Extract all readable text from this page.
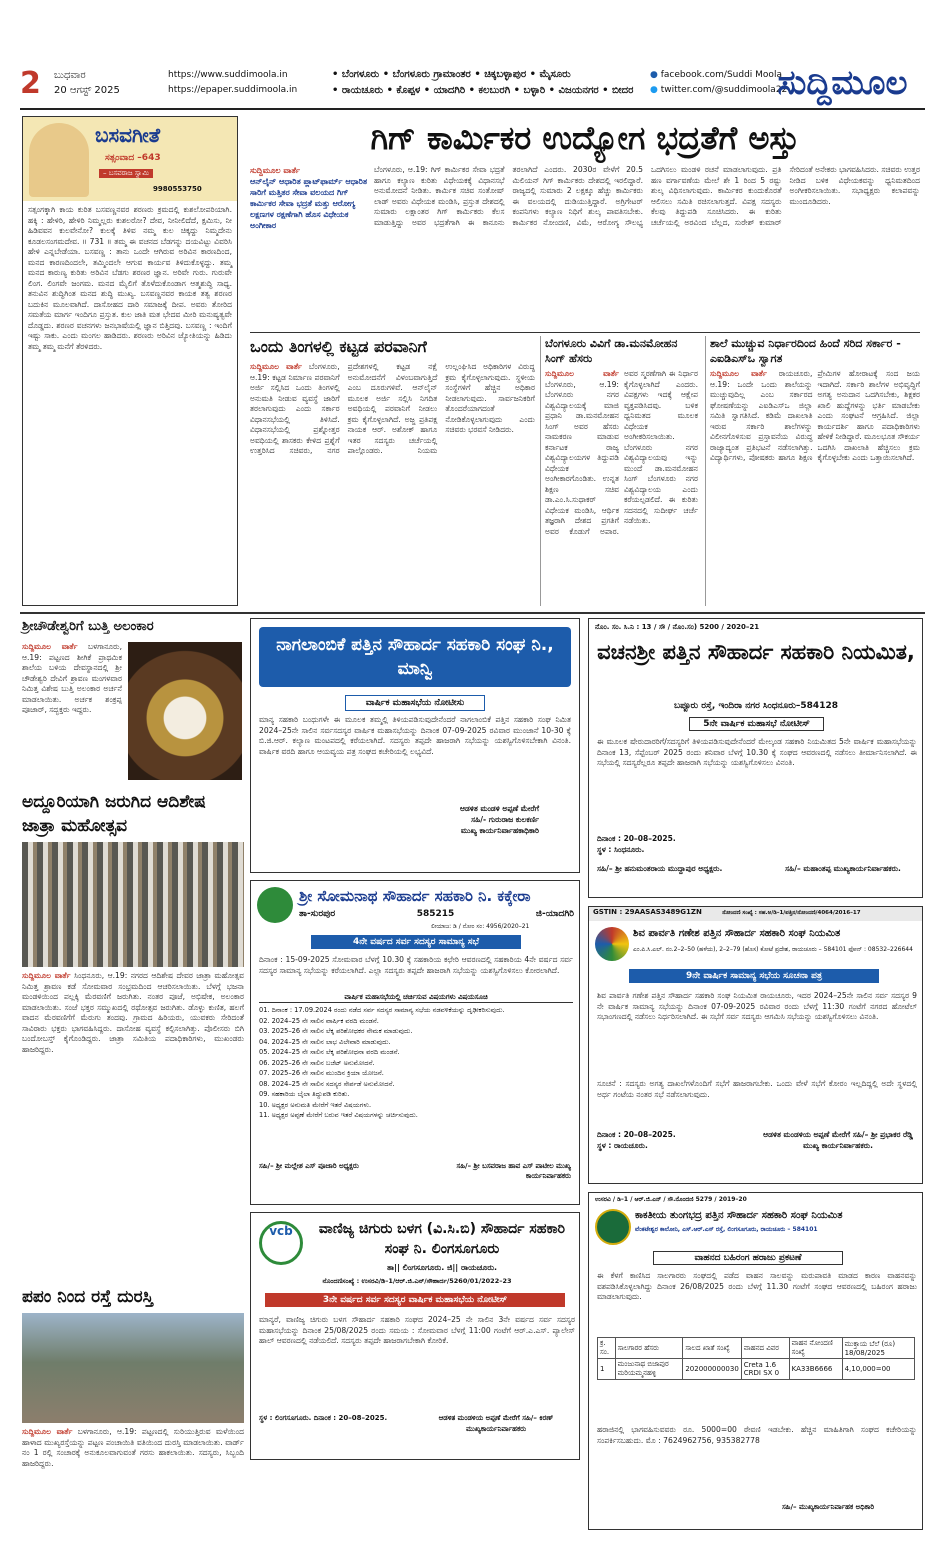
2 ಬುಧವಾರ
20 ಆಗಸ್ಟ್ 2025
https://www.suddimoola.in
https://epaper.suddimoola.in
• ಬೆಂಗಳೂರು • ಬೆಂಗಳೂರು ಗ್ರಾಮಾಂತರ • ಚಿಕ್ಕಬಳ್ಳಾಪುರ • ಮೈಸೂರು
• ರಾಯಚೂರು • ಕೊಪ್ಪಳ • ಯಾದಗಿರಿ • ಕಲಬುರಗಿ • ಬಳ್ಳಾರಿ • ವಿಜಯನಗರ • ಬೀದರ
● facebook.com/Suddi Moola
● twitter.com/@suddimoola22
ಸುದ್ದಿಮೂಲ
ಬಸವಗೀತೆ
ಸತ್ಸಂವಾದ –643
– ಬಸವರಾಜ ಸ್ವಾಮಿ
9980553750
ಸತ್ಸಂಗಕ್ಕಾಗಿ ಕಾಯ ಕುರಿತ ಬಸವಣ್ಣನವರ ಶರಣರು ಕ್ರಮದಲ್ಲಿ ಕುಶಲೋಪರಿಯಾಗಿ. ಹಕ್ಕಿ : ಹೇಳಿರಿ, ಹೇಳಿರಿ ನಿಮ್ಮಲ್ಲರು ಕುಶಲರೋ? ದೇವ, ನೀನೀಲಿದೆದೆ, ಕ್ಷಮಿಸು, ನೀ ಹಿಡಿವವನ ಕುಲವೇನೋ? ಕುಲಕ್ಕೆ ತಿಳಿವ ನಮ್ಮ ಕುಲ ಚಿಕ್ಕದ್ದು ನಿಮ್ಮದೇನು ಕೂಡಲಸಂಗಮದೇವ. ॥ 731 ॥ ತಮ್ಮ ಈ ವಚನದ ಬೆಡಗನ್ನು ದಯವಿಟ್ಟು ವಿವರಿಸಿ ಹೇಳಿ ಎನ್ನಬೇಡೆಯಾ. ಬಸವಣ್ಣ : ತಾನು ಒಂದೇ ಆಗಿರುವ ಅರಿವಿನ ಕಾರಣದಿಂದ, ಮನದ ಕಾರಣದಿಂದಲೇ, ತಮ್ಮಿಂದಲೇ ಆಗುವ ಕಾರ್ಯವ ತಿಳಿದುಕೊಳ್ಳದ್ದು. ತಮ್ಮ ಮನದ ಕಾರುಣ್ಯ ಕುರಿತು ಅರಿವಿನ ಬೆಡಗು ಶರಣರ ಜ್ಞಾನ. ಅರಿವೇ ಗುರು. ಗುರುವೇ ಲಿಂಗ. ಲಿಂಗವೇ ಜಂಗಮ. ಮನದ ಮೈಲಿಗೆ ತೊಳೆದುಕೊಂಡಾಗ ಆತ್ಮಶುದ್ಧಿ ಸಾಧ್ಯ. ತನುವಿನ ಶುದ್ಧಿಗಿಂತ ಮನದ ಶುದ್ಧಿ ಮುಖ್ಯ. ಬಸವಣ್ಣನವರ ಕಾಯಕ ತತ್ವ ಶರಣರ ಬದುಕಿನ ಮೂಲವಾಗಿದೆ. ದಾಸೋಹದ ದಾರಿ ಸಮಾಜಕ್ಕೆ ದೀಪ. ಅವರು ತೋರಿದ ಸಮತೆಯ ಮಾರ್ಗ ಇಂದಿಗೂ ಪ್ರಸ್ತುತ. ಕುಲ ಜಾತಿ ಮತ ಭೇದವ ಮೀರಿ ಮನುಷ್ಯತ್ವವೇ ದೊಡ್ಡದು. ಶರಣರ ವಚನಗಳು ಜನಭಾಷೆಯಲ್ಲಿ ಜ್ಞಾನ ಬಿತ್ತಿದವು. ಬಸವಣ್ಣ : ಇಂದಿಗೆ ಇಷ್ಟು ಸಾಕು. ಎಂದು ಮಂಗಲ ಹಾಡಿದರು. ಶರಣರು ಅರಿವಿನ ಜ್ಯೋತಿಯನ್ನು ಹಿಡಿದು ತಮ್ಮ ತಮ್ಮ ಮನೆಗೆ ತೆರಳಿದರು.
ಗಿಗ್ ಕಾರ್ಮಿಕರ ಉದ್ಯೋಗ ಭದ್ರತೆಗೆ ಅಸ್ತು
ಸುದ್ದಿಮೂಲ ವಾರ್ತೆ
ಆನ್‌ಲೈನ್ ಆಧಾರಿತ ಪ್ಲಾಟ್‌ಫಾರ್ಮ್ ಆಧಾರಿತ ಸಾರಿಗೆ ಮತ್ತಿತರ ಸೇವಾ ವಲಯದ ಗಿಗ್ ಕಾರ್ಮಿಕರ ಸೇವಾ ಭದ್ರತೆ ಮತ್ತು ಆರೋಗ್ಯ ಲಕ್ಷಣಗಳ ರಕ್ಷಣೆಗಾಗಿ ಹೊಸ ವಿಧೇಯಕ ಅಂಗೀಕಾರ
ಬೆಂಗಳೂರು, ಆ.19: ಗಿಗ್ ಕಾರ್ಮಿಕರ ಸೇವಾ ಭದ್ರತೆ ಹಾಗೂ ಕಲ್ಯಾಣ ಕುರಿತು ವಿಧೇಯಕಕ್ಕೆ ವಿಧಾನಸಭೆ ಅನುಮೋದನೆ ನೀಡಿತು. ಕಾರ್ಮಿಕ ಸಚಿವ ಸಂತೋಷ್ ಲಾಡ್ ಅವರು ವಿಧೇಯಕ ಮಂಡಿಸಿ, ಪ್ರಸ್ತುತ ದೇಶದಲ್ಲಿ ಸುಮಾರು ಲಕ್ಷಾಂತರ ಗಿಗ್ ಕಾರ್ಮಿಕರು ಕೆಲಸ ಮಾಡುತ್ತಿದ್ದು ಅವರ ಭದ್ರತೆಗಾಗಿ ಈ ಕಾನೂನು ತರಲಾಗಿದೆ ಎಂದರು. 2030ರ ವೇಳೆಗೆ 20.5 ಮಿಲಿಯನ್ ಗಿಗ್ ಕಾರ್ಮಿಕರು ದೇಶದಲ್ಲಿ ಇರಲಿದ್ದಾರೆ. ರಾಜ್ಯದಲ್ಲಿ ಸುಮಾರು 2 ಲಕ್ಷಕ್ಕೂ ಹೆಚ್ಚು ಕಾರ್ಮಿಕರು ಈ ವಲಯದಲ್ಲಿ ದುಡಿಯುತ್ತಿದ್ದಾರೆ. ಅಗ್ರಿಗೇಟರ್ ಕಂಪನಿಗಳು ಕಲ್ಯಾಣ ನಿಧಿಗೆ ಶುಲ್ಕ ಪಾವತಿಸಬೇಕು. ಕಾರ್ಮಿಕರ ನೋಂದಣಿ, ವಿಮೆ, ಆರೋಗ್ಯ ಸೌಲಭ್ಯ ಒದಗಿಸಲು ಮಂಡಳಿ ರಚನೆ ಮಾಡಲಾಗುವುದು. ಪ್ರತಿ ಹಣ ವರ್ಗಾವಣೆಯ ಮೇಲೆ ಶೇ 1 ರಿಂದ 5 ರಷ್ಟು ಶುಲ್ಕ ವಿಧಿಸಲಾಗುವುದು. ಕಾರ್ಮಿಕರ ಕುಂದುಕೊರತೆ ಆಲಿಸಲು ಸಮಿತಿ ರಚಿಸಲಾಗುತ್ತದೆ. ವಿಪಕ್ಷ ಸದಸ್ಯರು ಕೆಲವು ತಿದ್ದುಪಡಿ ಸೂಚಿಸಿದರು. ಈ ಕುರಿತು ಚರ್ಚೆಯಲ್ಲಿ ಅರವಿಂದ ಬೆಲ್ಲದ, ಸುರೇಶ್ ಕುಮಾರ್ ಸೇರಿದಂತೆ ಅನೇಕರು ಭಾಗವಹಿಸಿದರು. ಸಚಿವರು ಉತ್ತರ ನೀಡಿದ ಬಳಿಕ ವಿಧೇಯಕವನ್ನು ಧ್ವನಿಮತದಿಂದ ಅಂಗೀಕರಿಸಲಾಯಿತು. ಸಭಾಧ್ಯಕ್ಷರು ಕಲಾಪವನ್ನು ಮುಂದೂಡಿದರು.
ಒಂದು ತಿಂಗಳಲ್ಲಿ ಕಟ್ಟಡ ಪರವಾನಿಗೆ
ಸುದ್ದಿಮೂಲ ವಾರ್ತೆ ಬೆಂಗಳೂರು, ಆ.19: ಕಟ್ಟಡ ನಿರ್ಮಾಣ ಪರವಾನಿಗೆ ಅರ್ಜಿ ಸಲ್ಲಿಸಿದ ಒಂದು ತಿಂಗಳಲ್ಲಿ ಅನುಮತಿ ನೀಡುವ ವ್ಯವಸ್ಥೆ ಜಾರಿಗೆ ತರಲಾಗುವುದು ಎಂದು ಸರ್ಕಾರ ವಿಧಾನಸಭೆಯಲ್ಲಿ ತಿಳಿಸಿದೆ. ವಿಧಾನಸಭೆಯಲ್ಲಿ ಪ್ರಶ್ನೋತ್ತರ ಅವಧಿಯಲ್ಲಿ ಶಾಸಕರು ಕೇಳಿದ ಪ್ರಶ್ನೆಗೆ ಉತ್ತರಿಸಿದ ಸಚಿವರು, ನಗರ ಪ್ರದೇಶಗಳಲ್ಲಿ ಕಟ್ಟಡ ನಕ್ಷೆ ಅನುಮೋದನೆಗೆ ವಿಳಂಬವಾಗುತ್ತಿದೆ ಎಂಬ ದೂರುಗಳಿವೆ. ಆನ್‌ಲೈನ್ ಮೂಲಕ ಅರ್ಜಿ ಸಲ್ಲಿಸಿ ನಿಗದಿತ ಅವಧಿಯಲ್ಲಿ ಪರವಾನಿಗೆ ನೀಡಲು ಕ್ರಮ ಕೈಗೊಳ್ಳಲಾಗಿದೆ. ಅಜ್ಜ ಪ್ರತಿಪಕ್ಷ ನಾಯಕ ಆರ್. ಅಶೋಕ್ ಹಾಗೂ ಇತರ ಸದಸ್ಯರು ಚರ್ಚೆಯಲ್ಲಿ ಪಾಲ್ಗೊಂಡರು. ನಿಯಮ ಉಲ್ಲಂಘಿಸಿದ ಅಧಿಕಾರಿಗಳ ವಿರುದ್ಧ ಕ್ರಮ ಕೈಗೊಳ್ಳಲಾಗುವುದು. ಸ್ಥಳೀಯ ಸಂಸ್ಥೆಗಳಿಗೆ ಹೆಚ್ಚಿನ ಅಧಿಕಾರ ನೀಡಲಾಗುವುದು. ಸಾರ್ವಜನಿಕರಿಗೆ ತೊಂದರೆಯಾಗದಂತೆ ನೋಡಿಕೊಳ್ಳಲಾಗುವುದು ಎಂದು ಸಚಿವರು ಭರವಸೆ ನೀಡಿದರು.
ಬೆಂಗಳೂರು ವಿವಿಗೆ ಡಾ.ಮನಮೋಹನ ಸಿಂಗ್ ಹೆಸರು
ಸುದ್ದಿಮೂಲ ವಾರ್ತೆ ಬೆಂಗಳೂರು, ಆ.19: ಬೆಂಗಳೂರು ನಗರ ವಿಶ್ವವಿದ್ಯಾಲಯಕ್ಕೆ ಮಾಜಿ ಪ್ರಧಾನಿ ಡಾ.ಮನಮೋಹನ ಸಿಂಗ್ ಅವರ ಹೆಸರು ನಾಮಕರಣ ಮಾಡುವ ಕರ್ನಾಟಕ ರಾಜ್ಯ ವಿಶ್ವವಿದ್ಯಾಲಯಗಳ ತಿದ್ದುಪಡಿ ವಿಧೇಯಕ ಅಂಗೀಕಾರಗೊಂಡಿತು. ಉನ್ನತ ಶಿಕ್ಷಣ ಸಚಿವ ಡಾ.ಎಂ.ಸಿ.ಸುಧಾಕರ್ ವಿಧೇಯಕ ಮಂಡಿಸಿ, ಆರ್ಥಿಕ ತಜ್ಞರಾಗಿ ದೇಶದ ಪ್ರಗತಿಗೆ ಅವರ ಕೊಡುಗೆ ಅಪಾರ. ಅವರ ಸ್ಮರಣೆಗಾಗಿ ಈ ನಿರ್ಧಾರ ಕೈಗೊಳ್ಳಲಾಗಿದೆ ಎಂದರು. ವಿಪಕ್ಷಗಳು ಇದಕ್ಕೆ ಆಕ್ಷೇಪ ವ್ಯಕ್ತಪಡಿಸಿದವು. ಬಳಿಕ ಧ್ವನಿಮತದ ಮೂಲಕ ವಿಧೇಯಕ ಅಂಗೀಕರಿಸಲಾಯಿತು. ಬೆಂಗಳೂರು ನಗರ ವಿಶ್ವವಿದ್ಯಾಲಯವು ಇನ್ನು ಮುಂದೆ ಡಾ.ಮನಮೋಹನ ಸಿಂಗ್ ಬೆಂಗಳೂರು ನಗರ ವಿಶ್ವವಿದ್ಯಾಲಯ ಎಂದು ಕರೆಯಲ್ಪಡಲಿದೆ. ಈ ಕುರಿತು ಸದನದಲ್ಲಿ ಸುದೀರ್ಘ ಚರ್ಚೆ ನಡೆಯಿತು.
ಶಾಲೆ ಮುಚ್ಚುವ ನಿರ್ಧಾರದಿಂದ ಹಿಂದೆ ಸರಿದ ಸರ್ಕಾರ - ಎಐಡಿಎಸ್‌ಒ ಸ್ವಾಗತ
ಸುದ್ದಿಮೂಲ ವಾರ್ತೆ ರಾಯಚೂರು, ಆ.19: ಒಂದೇ ಒಂದು ಶಾಲೆಯನ್ನು ಮುಚ್ಚುವುದಿಲ್ಲ ಎಂಬ ಸರ್ಕಾರದ ಘೋಷಣೆಯನ್ನು ಎಐಡಿಎಸ್‌ಒ ಜಿಲ್ಲಾ ಸಮಿತಿ ಸ್ವಾಗತಿಸಿದೆ. ಕಡಿಮೆ ದಾಖಲಾತಿ ಇರುವ ಸರ್ಕಾರಿ ಶಾಲೆಗಳನ್ನು ವಿಲೀನಗೊಳಿಸುವ ಪ್ರಸ್ತಾವನೆಯ ವಿರುದ್ಧ ರಾಜ್ಯಾದ್ಯಂತ ಪ್ರತಿಭಟನೆ ನಡೆಸಲಾಗಿತ್ತು. ವಿದ್ಯಾರ್ಥಿಗಳು, ಪೋಷಕರು ಹಾಗೂ ಶಿಕ್ಷಣ ಪ್ರೇಮಿಗಳ ಹೋರಾಟಕ್ಕೆ ಸಂದ ಜಯ ಇದಾಗಿದೆ. ಸರ್ಕಾರಿ ಶಾಲೆಗಳ ಅಭಿವೃದ್ಧಿಗೆ ಅಗತ್ಯ ಅನುದಾನ ಒದಗಿಸಬೇಕು, ಶಿಕ್ಷಕರ ಖಾಲಿ ಹುದ್ದೆಗಳನ್ನು ಭರ್ತಿ ಮಾಡಬೇಕು ಎಂದು ಸಂಘಟನೆ ಆಗ್ರಹಿಸಿದೆ. ಜಿಲ್ಲಾ ಕಾರ್ಯದರ್ಶಿ ಹಾಗೂ ಪದಾಧಿಕಾರಿಗಳು ಹೇಳಿಕೆ ನೀಡಿದ್ದಾರೆ. ಮೂಲಭೂತ ಸೌಕರ್ಯ ಒದಗಿಸಿ ದಾಖಲಾತಿ ಹೆಚ್ಚಿಸಲು ಕ್ರಮ ಕೈಗೊಳ್ಳಬೇಕು ಎಂದು ಒತ್ತಾಯಿಸಲಾಗಿದೆ.
ಶ್ರೀಚೌಡೇಶ್ವರಿಗೆ ಬುತ್ತಿ ಅಲಂಕಾರ
ಸುದ್ದಿಮೂಲ ವಾರ್ತೆ ಬಳಗಾನೂರು, ಆ.19: ಪಟ್ಟಣದ ಶೀಗಿಕೆ ಪ್ರಾಥಮಿಕ ಶಾಲೆಯ ಬಳಿಯ ದೇವಸ್ಥಾನದಲ್ಲಿ ಶ್ರೀ ಚೌಡೇಶ್ವರಿ ದೇವಿಗೆ ಶ್ರಾವಣ ಮಂಗಳವಾರ ನಿಮಿತ್ತ ವಿಶೇಷ ಬುತ್ತಿ ಅಲಂಕಾರ ಅರ್ಚನೆ ಮಾಡಲಾಯಿತು. ಅರ್ಚಕ ಶಂಕ್ರಪ್ಪ ಪೂಜಾರ್, ಸದ್ಭಕ್ತರು ಇದ್ದರು.
ಅದ್ದೂರಿಯಾಗಿ ಜರುಗಿದ ಆದಿಶೇಷ ಜಾತ್ರಾ ಮಹೋತ್ಸವ
ಸುದ್ದಿಮೂಲ ವಾರ್ತೆ ಸಿಂಧನೂರು, ಆ.19: ನಗರದ ಆದಿಶೇಷ ದೇವರ ಜಾತ್ರಾ ಮಹೋತ್ಸವ ನಿಮಿತ್ತ ಶ್ರಾವಣ ಕಡೆ ಸೋಮವಾರ ಸಂಭ್ರಮದಿಂದ ಆಚರಿಸಲಾಯಿತು. ಬೆಳಗ್ಗೆ ಭಜನಾ ಮಂಡಳಿಯಿಂದ ಪಲ್ಲಕ್ಕಿ ಮೆರವಣಿಗೆ ಜರುಗಿತು. ನಂತರ ಪೂಜೆ, ಅಭಿಷೇಕ, ಅಲಂಕಾರ ಮಾಡಲಾಯಿತು. ಸಂಜೆ ಭಕ್ತರ ಸಮ್ಮುಖದಲ್ಲಿ ರಥೋತ್ಸವ ಜರುಗಿತು. ಡೊಳ್ಳು ಕುಣಿತ, ಹಲಗೆ ವಾದನ ಮೆರವಣಿಗೆಗೆ ಮೆರುಗು ತಂದವು. ಗ್ರಾಮದ ಹಿರಿಯರು, ಯುವಕರು ಸೇರಿದಂತೆ ಸಾವಿರಾರು ಭಕ್ತರು ಭಾಗವಹಿಸಿದ್ದರು. ದಾಸೋಹ ವ್ಯವಸ್ಥೆ ಕಲ್ಪಿಸಲಾಗಿತ್ತು. ಪೊಲೀಸರು ಬಿಗಿ ಬಂದೋಬಸ್ತ್ ಕೈಗೊಂಡಿದ್ದರು. ಜಾತ್ರಾ ಸಮಿತಿಯ ಪದಾಧಿಕಾರಿಗಳು, ಮುಖಂಡರು ಹಾಜರಿದ್ದರು.
ಪಪಂ ನಿಂದ ರಸ್ತೆ ದುರಸ್ತಿ
ಸುದ್ದಿಮೂಲ ವಾರ್ತೆ ಬಳಗಾನೂರು, ಆ.19: ಪಟ್ಟಣದಲ್ಲಿ ಸುರಿಯುತ್ತಿರುವ ಮಳೆಯಿಂದ ಹಾಳಾದ ಮುಖ್ಯರಸ್ತೆಯನ್ನು ಪಟ್ಟಣ ಪಂಚಾಯಿತಿ ವತಿಯಿಂದ ದುರಸ್ತಿ ಮಾಡಲಾಯಿತು. ವಾರ್ಡ್ ನಂ 1 ರಲ್ಲಿ ಸಂಚಾರಕ್ಕೆ ಅನುಕೂಲವಾಗುವಂತೆ ಗರಸು ಹಾಕಲಾಯಿತು. ಸದಸ್ಯರು, ಸಿಬ್ಬಂದಿ ಹಾಜರಿದ್ದರು.
ನಾಗಲಾಂಬಿಕೆ ಪತ್ತಿನ ಸೌಹಾರ್ದ ಸಹಕಾರಿ ಸಂಘ ನಿ., ಮಾನ್ವಿ
ವಾರ್ಷಿಕ ಮಹಾಸಭೆಯ ನೋಟೀಸು
ಮಾನ್ಯ ಸಹಕಾರಿ ಬಂಧುಗಳೇ ಈ ಮೂಲಕ ತಮ್ಮಲ್ಲಿ ತಿಳಿಯಪಡಿಸುವುದೇನೆಂದರೆ ನಾಗಲಾಂಬಿಕೆ ಪತ್ತಿನ ಸಹಕಾರಿ ಸಂಘ ನಿಮಿತ 2024–25ನೇ ಸಾಲಿನ ಸರ್ವಸದಸ್ಯರ ವಾರ್ಷಿಕ ಮಹಾಸಭೆಯನ್ನು ದಿನಾಂಕ 07-09-2025 ರವಿವಾರ ಮುಂಜಾನೆ 10-30 ಕ್ಕೆ ಬಿ.ಜಿ.ಆರ್. ಕಲ್ಯಾಣ ಮಂಟಪದಲ್ಲಿ ಕರೆಯಲಾಗಿದೆ. ಸದಸ್ಯರು ತಪ್ಪದೇ ಹಾಜರಾಗಿ ಸಭೆಯನ್ನು ಯಶಸ್ವಿಗೊಳಿಸಬೇಕಾಗಿ ವಿನಂತಿ. ವಾರ್ಷಿಕ ವರದಿ ಹಾಗೂ ಆಯವ್ಯಯ ಪತ್ರ ಸಂಘದ ಕಚೇರಿಯಲ್ಲಿ ಲಭ್ಯವಿದೆ.
ಆಡಳಿತ ಮಂಡಳಿ ಅಪ್ಪಣೆ ಮೇರೆಗೆ
ಸಹಿ/- ಗುರುರಾಜ ಕುಲಕರ್ಣಿ
ಮುಖ್ಯ ಕಾರ್ಯನಿರ್ವಾಹಕಾಧಿಕಾರಿ
ಶ್ರೀ ಸೋಮನಾಥ ಸೌಹಾರ್ದ ಸಹಕಾರಿ ನಿ. ಕಕ್ಕೇರಾ
ತಾ-ಸುರಪುರ	585215	ಜಿ-ಯಾದಗಿರಿ
ಲೀಯಾಜ: ಡಿ / ನೋಂ ಸಂ: 4956/2020–21
4ನೇ ವರ್ಷದ ಸರ್ವ ಸದಸ್ಯರ ಸಾಮಾನ್ಯ ಸಭೆ
ದಿನಾಂಕ : 15-09-2025 ಸೋಮವಾರ ಬೆಳಗ್ಗೆ 10.30 ಕ್ಕೆ ಸಹಕಾರಿಯ ಕಛೇರಿ ಆವರಣದಲ್ಲಿ ಸಹಕಾರಿಯ 4ನೇ ವರ್ಷದ ಸರ್ವ ಸದಸ್ಯರ ಸಾಮಾನ್ಯ ಸಭೆಯನ್ನು ಕರೆಯಲಾಗಿದೆ. ಎಲ್ಲಾ ಸದಸ್ಯರು ತಪ್ಪದೇ ಹಾಜರಾಗಿ ಸಭೆಯನ್ನು ಯಶಸ್ವಿಗೊಳಿಸಲು ಕೋರಲಾಗಿದೆ.
ವಾರ್ಷಿಕ ಮಹಾಸಭೆಯಲ್ಲಿ ಚರ್ಚಿಸುವ ವಿಷಯಗಳು ವಿಷಯಸೂಚಿ
01. ದಿನಾಂಕ : 17.09.2024 ರಂದು ನಡೆದ ಸರ್ವ ಸದಸ್ಯರ ಸಾಮಾನ್ಯ ಸಭೆಯ ನಡವಳಿಕೆಯನ್ನು ದೃಢೀಕರಿಸುವುದು.
02. 2024–25 ನೇ ಸಾಲಿನ ವಾರ್ಷಿಕ ವರದಿ ಮಂಡನೆ.
03. 2025–26 ನೇ ಸಾಲಿನ ಲೆಕ್ಕ ಪರಿಶೋಧಕರ ನೇಮಕ ಮಾಡುವುದು.
04. 2024–25 ನೇ ಸಾಲಿನ ಲಾಭ ವಿಲೇವಾರಿ ಮಾಡುವುದು.
05. 2024–25 ನೇ ಸಾಲಿನ ಲೆಕ್ಕ ಪರಿಶೋಧನಾ ವರದಿ ಮಂಡನೆ.
06. 2025–26 ನೇ ಸಾಲಿನ ಬಜೆಟ್ ಅನುಮೋದನೆ.
07. 2025–26 ನೇ ಸಾಲಿನ ಮುಂದಿನ ಕ್ರಿಯಾ ಯೋಜನೆ.
08. 2024–25 ನೇ ಸಾಲಿನ ಸದಸ್ಯರ ಸೇರ್ಪಡೆ ಅನುಮೋದನೆ.
09. ಸಹಕಾರಿಯ ಬೈಲಾ ತಿದ್ದುಪಡಿ ಕುರಿತು.
10. ಅಧ್ಯಕ್ಷರ ಅನುಮತಿ ಮೇರೆಗೆ ಇತರೆ ವಿಷಯಗಳು.
11. ಅಧ್ಯಕ್ಷರ ಅಪ್ಪಣೆ ಮೇರೆಗೆ ಬರುವ ಇತರೆ ವಿಷಯಗಳನ್ನು ಚರ್ಚಿಸುವುದು.
ಸಹಿ/– ಶ್ರೀ ಮಲ್ಲೇಶ ಎಸ್ ಪೂಜಾರಿ ಅಧ್ಯಕ್ಷರು	ಸಹಿ/– ಶ್ರೀ ಬಸವರಾಜ ಹಾವ ಎಸ್ ಪಾಟೀಲ ಮುಖ್ಯ ಕಾರ್ಯನಿರ್ವಾಹಕರು
vcb	ವಾಣಿಜ್ಯ ಚಿಗುರು ಬಳಗ (ವಿ.ಸಿ.ಬಿ) ಸೌಹಾರ್ದ ಸಹಕಾರಿ ಸಂಘ ನಿ. ಲಿಂಗಸೂಗೂರು
ತಾ|| ಲಿಂಗಸೂಗೂರು. ಜಿ|| ರಾಯಚೂರು.
ನೊಂದಣಿಸಂಖ್ಯೆ : ಉಸರವಿ/ಡಿ–1/ಆರ್.ಜಿ.ಎನ್/ಸೌಹಾರ್ದ/5260/01/2022–23
3ನೇ ವರ್ಷದ ಸರ್ವ ಸದಸ್ಯರ ವಾರ್ಷಿಕ ಮಹಾಸಭೆಯ ನೋಟೀಸ್
ಮಾನ್ಯರೆ, ವಾಣಿಜ್ಯ ಚಿಗುರು ಬಳಗ ಸೌಹಾರ್ದ ಸಹಕಾರಿ ಸಂಘದ 2024–25 ನೇ ಸಾಲಿನ 3ನೇ ವರ್ಷದ ಸರ್ವ ಸದಸ್ಯರ ಮಹಾಸಭೆಯನ್ನು ದಿನಾಂಕ 25/08/2025 ರಂದು ಸಮಯ : ಸೋಮವಾರ ಬೆಳಗ್ಗೆ 11:00 ಗಂಟೆಗೆ ಆರ್.ಎ.ಎಸ್. ಪ್ಯಾಲೇಸ್ ಹಾಲ್ ಆವರಣದಲ್ಲಿ ನಡೆಯಲಿದೆ. ಸದಸ್ಯರು ತಪ್ಪದೇ ಹಾಜರಾಗಬೇಕಾಗಿ ಕೋರಿಕೆ.
ಸ್ಥಳ : ಲಿಂಗಸೂಗೂರು. ದಿನಾಂಕ : 20–08–2025.	ಆಡಳಿತ ಮಂಡಳಿಯ ಅಪ್ಪಣೆ ಮೇರೆಗೆ ಸಹಿ/– ಕಿರಣ್ ಮುಖ್ಯಕಾರ್ಯನಿರ್ವಾಹಕರು
ನೊಂ. ಸಂ. ಸಿ.ನಿ : 13 / ಸೌ / ನೊಂ.ಸಂ) 5200 / 2020–21
ವಚನಶ್ರೀ ಪತ್ತಿನ ಸೌಹಾರ್ದ ಸಹಕಾರಿ ನಿಯಮಿತ,
ಬಪ್ಪೂರು ರಸ್ತೆ, ಇಂದಿರಾ ನಗರ ಸಿಂಧನೂರು–584128
5ನೇ ವಾರ್ಷಿಕ ಮಹಾಸಭೆ ನೋಟೀಸ್
ಈ ಮೂಲಕ ಷೇರುದಾರರಿಗೆ/ಸದಸ್ಯರಿಗೆ ತಿಳಿಯಪಡಿಸುವುದೇನೆಂದರೆ ಮೇಲ್ಕಂಡ ಸಹಕಾರಿ ನಿಯಮಿತದ 5ನೇ ವಾರ್ಷಿಕ ಮಹಾಸಭೆಯನ್ನು ದಿನಾಂಕ 13, ಸೆಪ್ಟೆಂಬರ್ 2025 ರಂದು ಶನಿವಾರ ಬೆಳಗ್ಗೆ 10.30 ಕ್ಕೆ ಸಂಘದ ಆವರಣದಲ್ಲಿ ನಡೆಸಲು ತೀರ್ಮಾನಿಸಲಾಗಿದೆ. ಈ ಸಭೆಯಲ್ಲಿ ಸದಸ್ಯರೆಲ್ಲರೂ ತಪ್ಪದೇ ಹಾಜರಾಗಿ ಸಭೆಯನ್ನು ಯಶಸ್ವಿಗೊಳಿಸಲು ವಿನಂತಿ.
ದಿನಾಂಕ : 20–08–2025.
ಸ್ಥಳ : ಸಿಂಧನೂರು.
ಸಹಿ/– ಶ್ರೀ ಹನುಮಂತರಾಯ ಮುದ್ದಾಪುರ ಅಧ್ಯಕ್ಷರು.	ಸಹಿ/– ಮಹಾಂತಪ್ಪ ಮುಖ್ಯಕಾರ್ಯನಿರ್ವಾಹಕರು.
GSTIN : 29AASAS3489G1ZN	ನೋಂದಣಿ ಸಂಖ್ಯೆ : ಸಹ.ಅ/ಡಿ–1/ಪತ್ತಿನ/ನೋಂದಣಿ/4064/2016–17
ಶಿವ ಪಾರ್ವತಿ ಗಣೇಶ ಪತ್ತಿನ ಸೌಹಾರ್ದ ಸಹಕಾರಿ ಸಂಘ ನಿಯಮಿತ
ಎಂ.ಪಿ.ಸಿ.ಎಲ್. ನಂ.2–2–50 (ಹಳೆಯ), 2–2–79 (ಹೊಸ) ಕೋಟೆ ಪ್ರದೇಶ, ರಾಯಚೂರು – 584101 ಫೋನ್ : 08532–226644
9ನೇ ವಾರ್ಷಿಕ ಸಾಮಾನ್ಯ ಸಭೆಯ ಸೂಚನಾ ಪತ್ರ
ಶಿವ ಪಾರ್ವತಿ ಗಣೇಶ ಪತ್ತಿನ ಸೌಹಾರ್ದ ಸಹಕಾರಿ ಸಂಘ ನಿಯಮಿತ ರಾಯಚೂರು, ಇದರ 2024–25ನೇ ಸಾಲಿನ ಸರ್ವ ಸದಸ್ಯರ 9 ನೇ ವಾರ್ಷಿಕ ಸಾಮಾನ್ಯ ಸಭೆಯನ್ನು ದಿನಾಂಕ 07-09-2025 ರವಿವಾರ ರಂದು ಬೆಳಗ್ಗೆ 11:30 ಗಂಟೆಗೆ ನಗರದ ಹೋಟೆಲ್ ಸಭಾಂಗಣದಲ್ಲಿ ನಡೆಸಲು ನಿರ್ಧರಿಸಲಾಗಿದೆ. ಈ ಸಭೆಗೆ ಸರ್ವ ಸದಸ್ಯರು ಆಗಮಿಸಿ ಸಭೆಯನ್ನು ಯಶಸ್ವಿಗೊಳಿಸಲು ವಿನಂತಿ.
ಸೂಚನೆ : ಸದಸ್ಯರು ಅಗತ್ಯ ದಾಖಲೆಗಳೊಂದಿಗೆ ಸಭೆಗೆ ಹಾಜರಾಗಬೇಕು. ಒಂದು ವೇಳೆ ಸಭೆಗೆ ಕೋರಂ ಇಲ್ಲದಿದ್ದಲ್ಲಿ ಅದೇ ಸ್ಥಳದಲ್ಲಿ ಅರ್ಧ ಗಂಟೆಯ ನಂತರ ಸಭೆ ನಡೆಸಲಾಗುವುದು.
ದಿನಾಂಕ : 20–08–2025.
ಸ್ಥಳ : ರಾಯಚೂರು.
ಆಡಳಿತ ಮಂಡಳಿಯ ಅಪ್ಪಣೆ ಮೇರೆಗೆ ಸಹಿ/– ಶ್ರೀ ಪ್ರಭಾಕರ ರೆಡ್ಡಿ ಮುಖ್ಯ ಕಾರ್ಯನಿರ್ವಾಹಕರು.
ಉಸರವಿ / ಡಿ–1 / ಆರ್.ಜಿ.ಎನ್ / ಸೌ.ನೊಂದಣಿ 5279 / 2019–20
ಕಾಕತೀಯ ತುಂಗಭದ್ರ ಪತ್ತಿನ ಸೌಹಾರ್ದ ಸಹಕಾರಿ ಸಂಘ ನಿಯಮಿತ
ವೆಂಕಟೇಶ್ವರ ಕಾಲೋನಿ, ಎಸ್.ಆರ್.ಎಸ್ ರಸ್ತೆ, ಲಿಂಗಸೂಗೂರು, ರಾಯಚೂರು – 584101
ವಾಹನದ ಬಹಿರಂಗ ಹರಾಜು ಪ್ರಕಟಣೆ
ಈ ಕೆಳಗೆ ಕಾಣಿಸಿದ ಸಾಲಗಾರರು ಸಂಘದಲ್ಲಿ ಪಡೆದ ವಾಹನ ಸಾಲವನ್ನು ಮರುಪಾವತಿ ಮಾಡದ ಕಾರಣ ವಾಹನವನ್ನು ವಶಪಡಿಸಿಕೊಳ್ಳಲಾಗಿದ್ದು ದಿನಾಂಕ 26/08/2025 ರಂದು ಬೆಳಗ್ಗೆ 11.30 ಗಂಟೆಗೆ ಸಂಘದ ಆವರಣದಲ್ಲಿ ಬಹಿರಂಗ ಹರಾಜು ಮಾಡಲಾಗುವುದು.
ಕ್ರ. ಸಂ.	ಸಾಲಗಾರರ ಹೆಸರು	ಸಾಲದ ಖಾತೆ ಸಂಖ್ಯೆ	ವಾಹನದ ವಿವರ	ವಾಹನ ನೋಂದಣಿ ಸಂಖ್ಯೆ	ಮುಕ್ತಾಯ ಬೆಲೆ (ರೂ) 18/08/2025
1	ಮಂಜುನಾಥ ಬಿಜಾಪುರ ಮರಿಯಮ್ಮನಹಳ್ಳಿ	202000000030	Creta 1.6 CRDI SX 0	KA33B6666	4,10,000=00
ಹರಾಜಿನಲ್ಲಿ ಭಾಗವಹಿಸುವವರು ರೂ. 5000=00 ಠೇವಣಿ ಇಡಬೇಕು. ಹೆಚ್ಚಿನ ಮಾಹಿತಿಗಾಗಿ ಸಂಘದ ಕಚೇರಿಯನ್ನು ಸಂಪರ್ಕಿಸಬಹುದು. ಮೊ : 7624962756, 935382778
ಸಹಿ/– ಮುಖ್ಯಕಾರ್ಯನಿರ್ವಾಹಕ ಅಧಿಕಾರಿ
